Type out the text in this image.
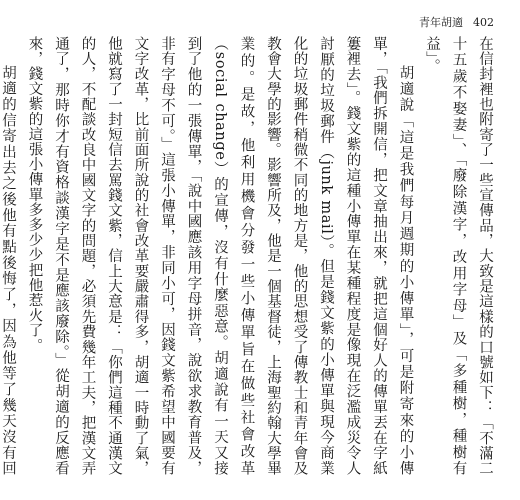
青年胡適 402

在信封裡也附寄了一些宣傳品，大致是這樣的口號如下：「不滿二十五歲不娶妻」、「廢除漢字，改用字母」及「多種樹，種樹有益」。

胡適說「這是我們每月週期的小傳單」，可是附寄來的小傳單，「我們拆開信，把文章抽出來，就把這個好人的傳單丟在字紙簍裡去」。錢文紫的這種小傳單在某種程度是像現在泛濫成災令人討厭的垃圾郵件（junk mail）。但是錢文紫的小傳單與現今商業化的垃圾郵件稍微不同的地方是，他的思想受了傳教士和青年會及教會大學的影響。影響所及，他是一個基督徒，上海聖約翰大學畢業的。是故，他利用機會分發一些小傳單旨在做些社會改革（social change）的宣傳，沒有什麼惡意。胡適說有一天又接到了他的一張傳單，「說中國應該用字母拼音，說欲求教育普及，非有字母不可。」這張小傳單，非同小可，因錢文紫希望中國要有文字改革，比前面所說的社會改革要嚴肅得多，胡適一時動了氣，他就寫了一封短信去罵錢文紫，信上大意是：「你們這種不通漢文的人，不配談改良中國文字的問題，必須先費幾年工夫，把漢文弄通了，那時你才有資格談漢字是不是應該廢除。」從胡適的反應看來，錢文紫的這張小傳單多多少少把他惹火了。

胡適的信寄出去之後他有點後悔了，因為他等了幾天沒有回
